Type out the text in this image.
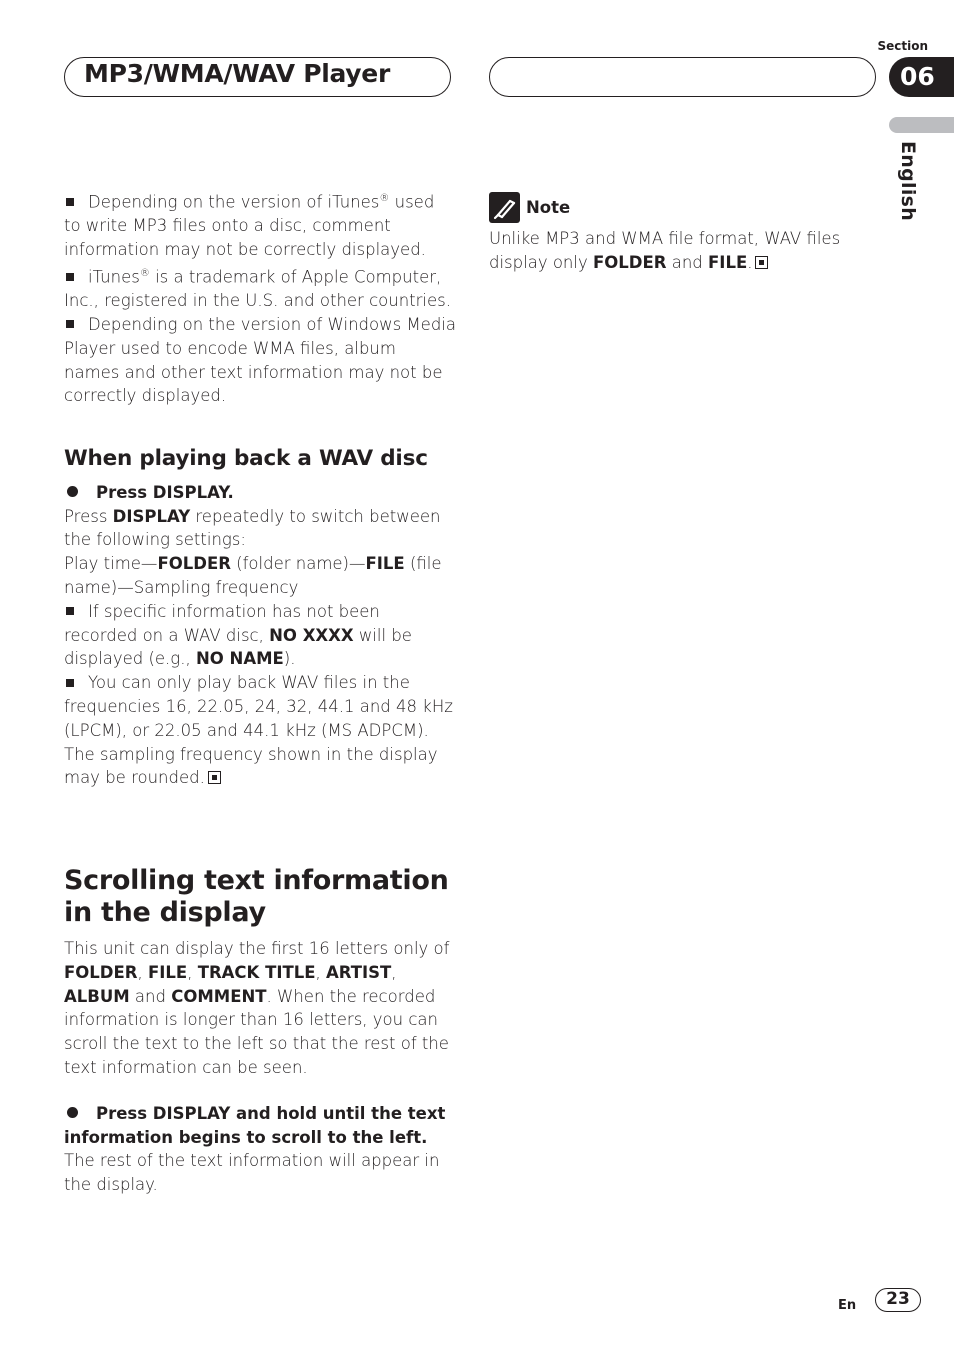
MP3/WMA/WAV Player
Section
06
English

Depending on the version of iTunes® used to write MP3 files onto a disc, comment information may not be correctly displayed.

iTunes® is a trademark of Apple Computer, Inc., registered in the U.S. and other countries.

Depending on the version of Windows Media Player used to encode WMA files, album names and other text information may not be correctly displayed.

When playing back a WAV disc

Press DISPLAY.

Press DISPLAY repeatedly to switch between the following settings:
Play time—FOLDER (folder name)—FILE (file name)—Sampling frequency

If specific information has not been recorded on a WAV disc, NO XXXX will be displayed (e.g., NO NAME).

You can only play back WAV files in the frequencies 16, 22.05, 24, 32, 44.1 and 48 kHz (LPCM), or 22.05 and 44.1 kHz (MS ADPCM). The sampling frequency shown in the display may be rounded.

Scrolling text information in the display

This unit can display the first 16 letters only of FOLDER, FILE, TRACK TITLE, ARTIST, ALBUM and COMMENT. When the recorded information is longer than 16 letters, you can scroll the text to the left so that the rest of the text information can be seen.

Press DISPLAY and hold until the text information begins to scroll to the left.

The rest of the text information will appear in the display.

Note

Unlike MP3 and WMA file format, WAV files display only FOLDER and FILE.

En	23
